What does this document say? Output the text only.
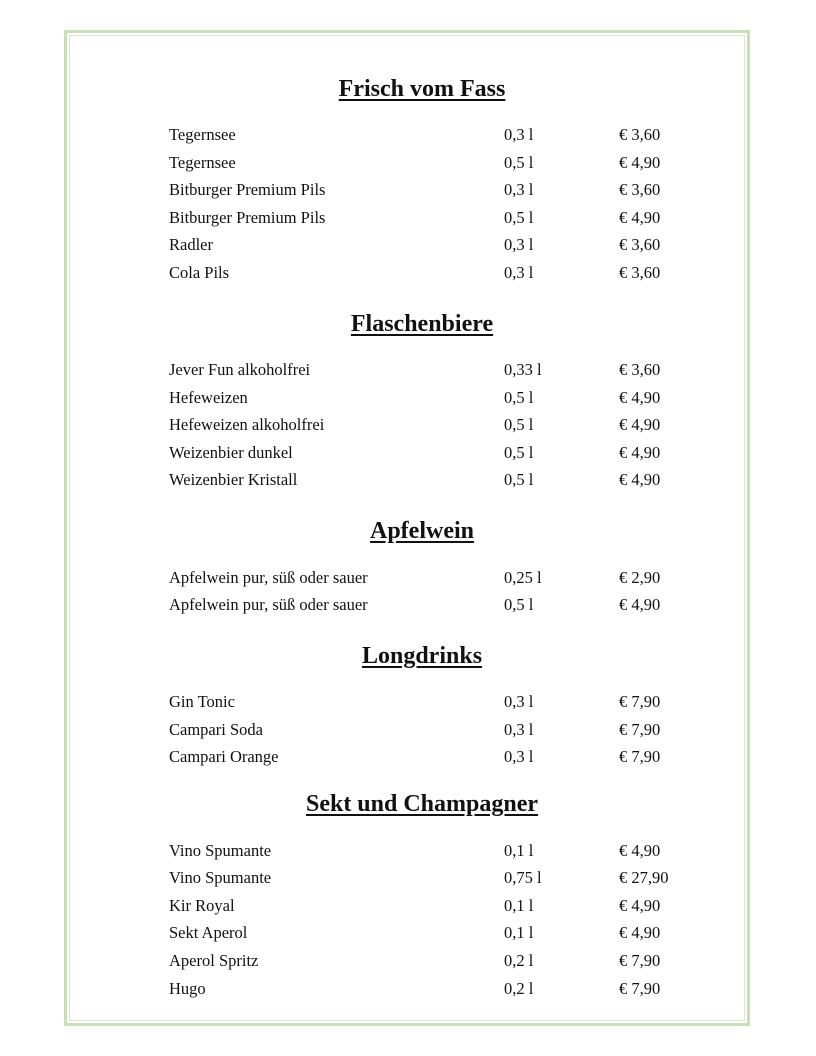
Frisch vom Fass
Tegernsee	0,3 l	€ 3,60
Tegernsee	0,5 l	€ 4,90
Bitburger Premium Pils	0,3 l	€ 3,60
Bitburger Premium Pils	0,5 l	€ 4,90
Radler	0,3 l	€ 3,60
Cola Pils	0,3 l	€ 3,60
Flaschenbiere
Jever Fun alkoholfrei	0,33 l	€ 3,60
Hefeweizen	0,5 l	€ 4,90
Hefeweizen alkoholfrei	0,5 l	€ 4,90
Weizenbier dunkel	0,5 l	€ 4,90
Weizenbier Kristall	0,5 l	€ 4,90
Apfelwein
Apfelwein pur, süß oder sauer	0,25 l	€ 2,90
Apfelwein pur, süß oder sauer	0,5 l	€ 4,90
Longdrinks
Gin Tonic	0,3 l	€ 7,90
Campari Soda	0,3 l	€ 7,90
Campari Orange	0,3 l	€ 7,90
Sekt und Champagner
Vino Spumante	0,1 l	€ 4,90
Vino Spumante	0,75 l	€ 27,90
Kir Royal	0,1 l	€ 4,90
Sekt Aperol	0,1 l	€ 4,90
Aperol Spritz	0,2 l	€ 7,90
Hugo	0,2 l	€ 7,90
